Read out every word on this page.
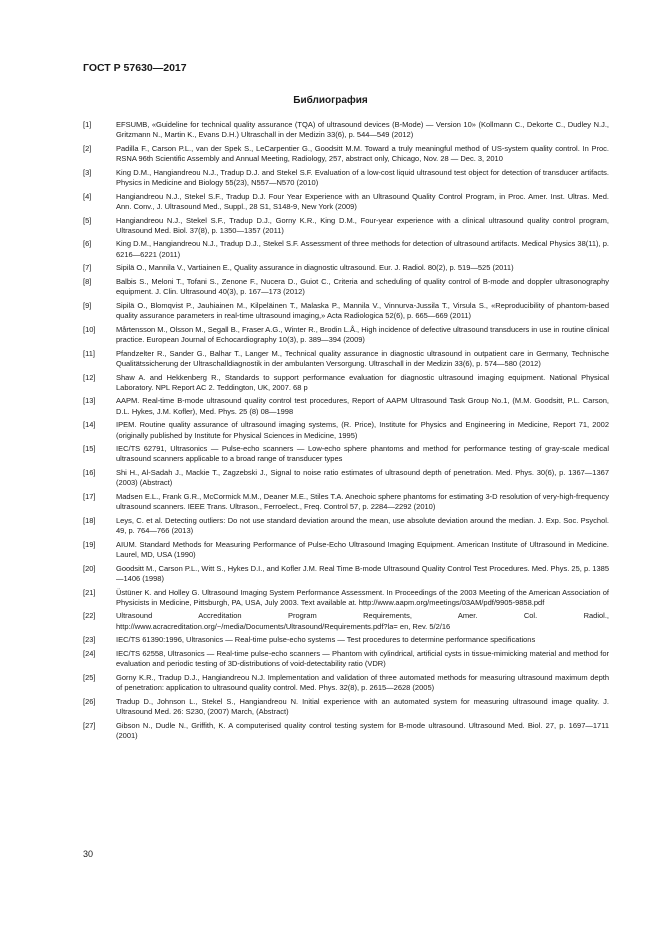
ГОСТ Р 57630—2017
Библиография
[1]	EFSUMB, «Guideline for technical quality assurance (TQA) of ultrasound devices (B-Mode) — Version 10» (Kollmann C., Dekorte C., Dudley N.J., Gritzmann N., Martin K., Evans D.H.) Ultraschall in der Medizin 33(6), p. 544—549 (2012)
[2]	Padilla F., Carson P.L., van der Spek S., LeCarpentier G., Goodsitt M.M. Toward a truly meaningful method of US-system quality control. In Proc. RSNA 96th Scientific Assembly and Annual Meeting, Radiology, 257, abstract only, Chicago, Nov. 28 — Dec. 3, 2010
[3]	King D.M., Hangiandreou N.J., Tradup D.J. and Stekel S.F. Evaluation of a low-cost liquid ultrasound test object for detection of transducer artifacts. Physics in Medicine and Biology 55(23), N557—N570 (2010)
[4]	Hangiandreou N.J., Stekel S.F., Tradup D.J. Four Year Experience with an Ultrasound Quality Control Program, in Proc. Amer. Inst. Ultras. Med. Ann. Conv., J. Ultrasound Med., Suppl., 28 S1, S148-9, New York (2009)
[5]	Hangiandreou N.J., Stekel S.F., Tradup D.J., Gorny K.R., King D.M., Four-year experience with a clinical ultrasound quality control program, Ultrasound Med. Biol. 37(8), p. 1350—1357 (2011)
[6]	King D.M., Hangiandreou N.J., Tradup D.J., Stekel S.F. Assessment of three methods for detection of ultrasound artifacts. Medical Physics 38(11), p. 6216—6221 (2011)
[7]	Sipilä O., Mannila V., Vartiainen E., Quality assurance in diagnostic ultrasound. Eur. J. Radiol. 80(2), p. 519—525 (2011)
[8]	Balbis S., Meloni T., Tofani S., Zenone F., Nucera D., Guiot C., Criteria and scheduling of quality control of B-mode and doppler ultrasonography equipment. J. Clin. Ultrasound 40(3), p. 167—173 (2012)
[9]	Sipilä O., Blomqvist P., Jauhiainen M., Kilpeläinen T., Malaska P., Mannila V., Vinnurva-Jussila T., Virsula S., «Reproducibility of phantom-based quality assurance parameters in real-time ultrasound imaging,» Acta Radiologica 52(6), p. 665—669 (2011)
[10]	Mårtensson M., Olsson M., Segall B., Fraser A.G., Winter R., Brodin L.Å., High incidence of defective ultrasound transducers in use in routine clinical practice. European Journal of Echocardiography 10(3), p. 389—394 (2009)
[11]	Pfandzelter R., Sander G., Balhar T., Langer M., Technical quality assurance in diagnostic ultrasound in outpatient care in Germany, Technische Qualitätssicherung der Ultraschalldiagnostik in der ambulanten Versorgung. Ultraschall in der Medizin 33(6), p. 574—580 (2012)
[12]	Shaw A. and Hekkenberg R., Standards to support performance evaluation for diagnostic ultrasound imaging equipment. National Physical Laboratory. NPL Report AC 2. Teddington, UK, 2007. 68 p
[13]	AAPM. Real-time B-mode ultrasound quality control test procedures, Report of AAPM Ultrasound Task Group No.1, (M.M. Goodsitt, P.L. Carson, D.L. Hykes, J.M. Kofler), Med. Phys. 25 (8) 08—1998
[14]	IPEM. Routine quality assurance of ultrasound imaging systems, (R. Price), Institute for Physics and Engineering in Medicine, Report 71, 2002 (originally published by Institute for Physical Sciences in Medicine, 1995)
[15]	IEC/TS 62791, Ultrasonics — Pulse-echo scanners — Low-echo sphere phantoms and method for performance testing of gray-scale medical ultrasound scanners applicable to a broad range of transducer types
[16]	Shi H., Al-Sadah J., Mackie T., Zagzebski J., Signal to noise ratio estimates of ultrasound depth of penetration. Med. Phys. 30(6), p. 1367—1367 (2003) (Abstract)
[17]	Madsen E.L., Frank G.R., McCormick M.M., Deaner M.E., Stiles T.A. Anechoic sphere phantoms for estimating 3-D resolution of very-high-frequency ultrasound scanners. IEEE Trans. Ultrason., Ferroelect., Freq. Control 57, p. 2284—2292 (2010)
[18]	Leys, C. et al. Detecting outliers: Do not use standard deviation around the mean, use absolute deviation around the median. J. Exp. Soc. Psychol. 49, p. 764—766 (2013)
[19]	AIUM. Standard Methods for Measuring Performance of Pulse-Echo Ultrasound Imaging Equipment. American Institute of Ultrasound in Medicine. Laurel, MD, USA (1990)
[20]	Goodsitt M., Carson P.L., Witt S., Hykes D.I., and Kofler J.M. Real Time B-mode Ultrasound Quality Control Test Procedures. Med. Phys. 25, p. 1385—1406 (1998)
[21]	Üstüner K. and Holley G. Ultrasound Imaging System Performance Assessment. In Proceedings of the 2003 Meeting of the American Association of Physicists in Medicine, Pittsburgh, PA, USA, July 2003. Text available at. http://www.aapm.org/meetings/03AM/pdf/9905-9858.pdf
[22]	Ultrasound Accreditation Program Requirements, Amer. Col. Radiol., http://www.acracreditation.org/~/media/Documents/Ultrasound/Requirements.pdf?la= en, Rev. 5/2/16
[23]	IEC/TS 61390:1996, Ultrasonics — Real-time pulse-echo systems — Test procedures to determine performance specifications
[24]	IEC/TS 62558, Ultrasonics — Real-time pulse-echo scanners — Phantom with cylindrical, artificial cysts in tissue-mimicking material and method for evaluation and periodic testing of 3D-distributions of void-detectability ratio (VDR)
[25]	Gorny K.R., Tradup D.J., Hangiandreou N.J. Implementation and validation of three automated methods for measuring ultrasound maximum depth of penetration: application to ultrasound quality control. Med. Phys. 32(8), p. 2615—2628 (2005)
[26]	Tradup D., Johnson L., Stekel S., Hangiandreou N. Initial experience with an automated system for measuring ultrasound image quality. J. Ultrasound Med. 26: S230, (2007) March, (Abstract)
[27]	Gibson N., Dudle N., Griffith, K. A computerised quality control testing system for B-mode ultrasound. Ultrasound Med. Biol. 27, p. 1697—1711 (2001)
30
